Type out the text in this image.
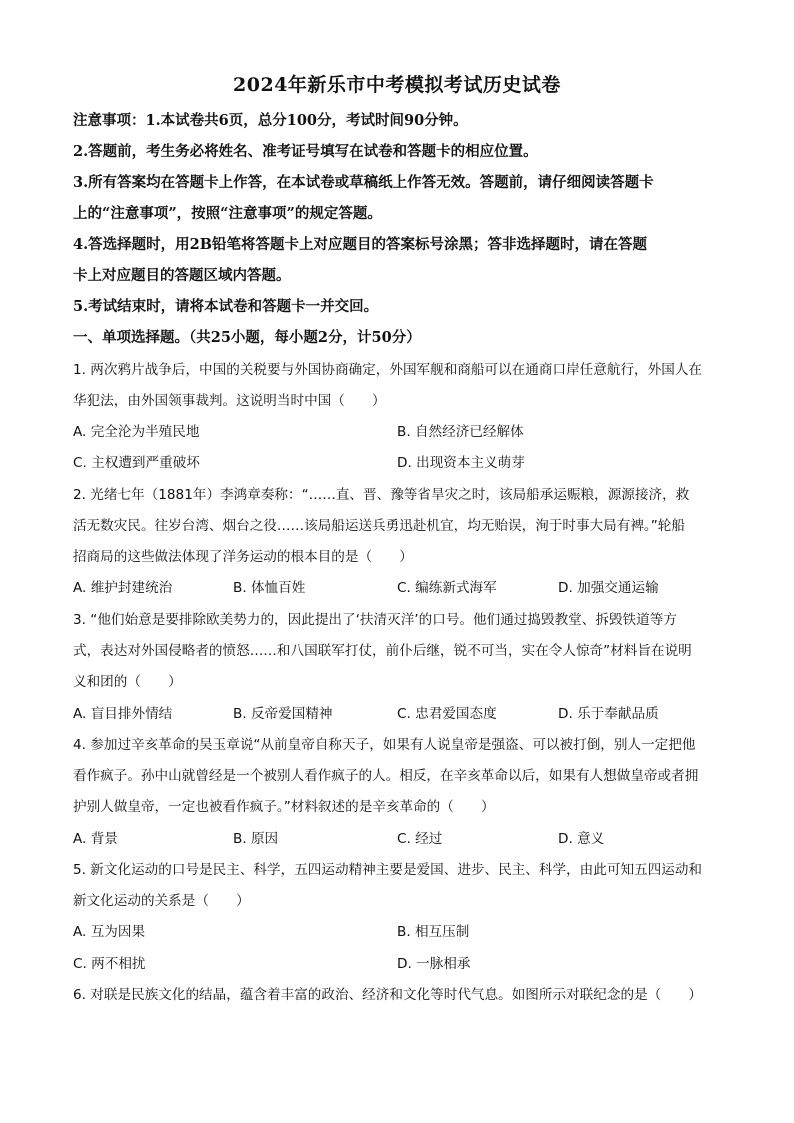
2024年新乐市中考模拟考试历史试卷
注意事项：1.本试卷共6页，总分100分，考试时间90分钟。
2.答题前，考生务必将姓名、准考证号填写在试卷和答题卡的相应位置。
3.所有答案均在答题卡上作答，在本试卷或草稿纸上作答无效。答题前，请仔细阅读答题卡
上的“注意事项”，按照“注意事项”的规定答题。
4.答选择题时，用2B铅笔将答题卡上对应题目的答案标号涂黑；答非选择题时，请在答题
卡上对应题目的答题区域内答题。
5.考试结束时，请将本试卷和答题卡一并交回。
一、单项选择题。（共25小题，每小题2分，计50分）
1. 两次鸦片战争后，中国的关税要与外国协商确定，外国军舰和商船可以在通商口岸任意航行，外国人在
华犯法，由外国领事裁判。这说明当时中国（　　）
A. 完全沦为半殖民地	B. 自然经济已经解体
C. 主权遭到严重破坏	D. 出现资本主义萌芽
2. 光绪七年（1881年）李鸿章奏称：“……直、晋、豫等省旱灾之时，该局船承运赈粮，源源接济，救
活无数灾民。往岁台湾、烟台之役……该局船运送兵勇迅赴机宜，均无贻误，洵于时事大局有裨。”轮船
招商局的这些做法体现了洋务运动的根本目的是（　　）
A. 维护封建统治	B. 体恤百姓	C. 编练新式海军	D. 加强交通运输
3. “他们始意是要排除欧美势力的，因此提出了‘扶清灭洋’的口号。他们通过捣毁教堂、拆毁铁道等方
式，表达对外国侵略者的愤怒……和八国联军打仗，前仆后继，锐不可当，实在令人惊奇”材料旨在说明
义和团的（　　）
A. 盲目排外情结	B. 反帝爱国精神	C. 忠君爱国态度	D. 乐于奉献品质
4. 参加过辛亥革命的吴玉章说“从前皇帝自称天子，如果有人说皇帝是强盗、可以被打倒，别人一定把他
看作疯子。孙中山就曾经是一个被别人看作疯子的人。相反，在辛亥革命以后，如果有人想做皇帝或者拥
护别人做皇帝，一定也被看作疯子。”材料叙述的是辛亥革命的（　　）
A. 背景	B. 原因	C. 经过	D. 意义
5. 新文化运动的口号是民主、科学，五四运动精神主要是爱国、进步、民主、科学，由此可知五四运动和
新文化运动的关系是（　　）
A. 互为因果	B. 相互压制
C. 两不相扰	D. 一脉相承
6. 对联是民族文化的结晶，蕴含着丰富的政治、经济和文化等时代气息。如图所示对联纪念的是（　　）
